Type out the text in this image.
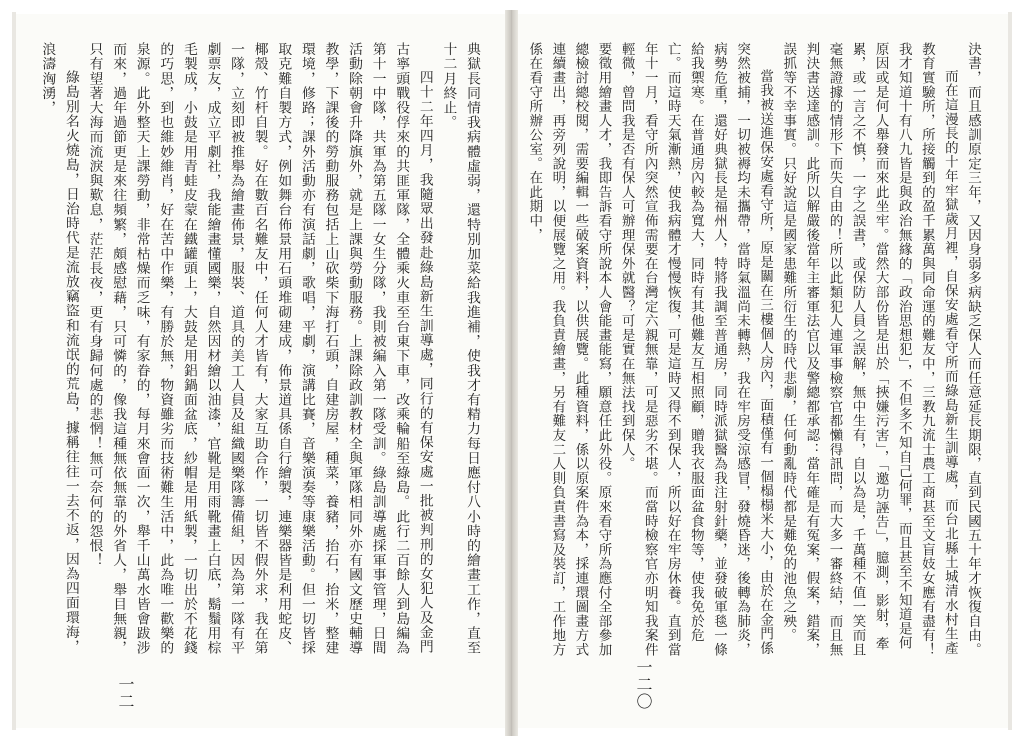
典獄長同情我病體虛弱，還特別加菜給我進補，使我才有精力每日應付八小時的繪畫工作，直至十二月終止。

四十二年四月，我隨眾出發赴綠島新生訓導處，同行的有保安處一批被判刑的女犯人及金門古寧頭戰役俘來的共匪軍隊，全體乘火車至台東下車，改乘輪船至綠島。此行二百餘人到島編為第十一中隊，共軍為第五隊一女生分隊，我則被編入第一隊受訓。綠島訓導處採軍事管理，日間活動除朝會升降旗外，就是上課與勞動服務。上課除政訓教材全與軍隊相同外亦有國文歷史輔導教學，下課後的勞動服務包括上山砍柴下海打石頭，自建房屋，種菜，養豬，抬石，抬米，整建環境，修路；課外活動亦有演話劇，歌唱，平劇，演講比賽，音樂演奏等康樂活動。但一切皆採取克難自製方式，例如舞台佈景用石頭堆砌建成，佈景道具係自行繪製，連樂器皆是利用蛇皮、椰殼、竹杆自製。好在數百名難友中，任何人才皆有，大家互助合作，一切皆不假外求，我在第一隊，立刻即被推舉為繪畫佈景，服裝、道具的美工人員及組織國樂隊籌備組，因為第一隊有平劇票友，成立平劇社，我能繪畫懂國樂，自然因材繪以油漆，官靴是用雨靴畫上白底，鬍鬚用棕毛製成，小鼓是用青蛙皮蒙在鐵罐頭上，大鼓是用鋁鍋面盆底，紗帽是用紙製，一切出於不花錢的巧思，到也維妙維肖，好在苦中作樂，有勝於無，物資雖劣而技術難生活中，此為唯一歡樂的泉源。此外整天上課勞動，非常枯燥而乏味，有家眷的，每月來會面一次，舉千山萬水皆會跋涉而來，過年過節更是來往頻繁，頗感慰藉，只可憐的，像我這種無依無靠的外省人，舉目無親，只有望著大海而流淚與歎息，茫茫長夜，更有身歸何處的悲惘！無可奈何的怨恨！

綠島別名火燒島，日治時代是流放竊盜和流氓的荒島，據稱往往一去不返，因為四面環海，浪濤洶湧，

一二

決書，而且感訓原定三年，又因身弱多病缺乏保人而任意延長期限，直到民國五十年才恢復自由。

而在這漫長的十年牢獄歲月裡，自保安處看守所而綠島新生訓導處，而台北縣土城清水村生產教育實驗所，所接觸到的盈千累萬與同命運的難友中，三教九流士農工商甚至文盲妓女應有盡有！我才知道十有八九皆是與政治無緣的「政治思想犯」，不但多不知自己何罪，而且甚至不知道是何原因或是何人舉發而來此坐牢。當然大部份皆是出於「挾嫌污害」，「邀功誣告」，臆測，影射，牽累，或一言之不慎，一字之誤書，或保防人員之誤解，無中生有，自以為是，千萬種不值一笑而且毫無證據的情形下而失自由的！所以此類犯人連軍事檢察官都懶得訊問，而大多一審終結，而且無判決書送達感訓。此所以解嚴後當年主審軍法官以及警總都承認：當年確是有冤案，假案，錯案，誤抓等不幸事實。只好說這是國家患難所衍生的時代悲劇，任何動亂時代都是難免的池魚之殃。

當我被送進保安處看守所，原是關在三樓個人房內，面積僅有一個榻榻米大小，由於在金門係突然被捕，一切被褥均未攜帶，當時氣溫尚未轉熱，我在牢房受涼感冒，發燒昏迷，後轉為肺炎，病勢危重，還好典獄長是福州人，特將我調至普通房，同時派獄醫為我注射針藥，並發破軍毯一條給我禦寒。在普通房內較為寬大，同時有其他難友互相照顧，贈我衣服面盆食物等，使我免於危亡。而這時天氣漸熱，使我病體才慢慢恢復，可是這時又得不到保人，所以好在牢房休養。直到當年十一月，看守所內突然宣佈需要在台灣定六親無靠，可是惡劣不堪。而當時檢察官亦明知我案件輕微，曾問我是否有保人可辦理保外就醫？可是實在無法找到保人。

要徵用繪畫人才，我即告訴看守所說本人會能畫能寫，願意任此外役。原來看守所為應付全部參加總檢討總校閱，需要編輯一些破案資料，以供展覽。此種資料，係以原案件為本，採連環圖畫方式連續畫出，再旁列說明，以便展覽之用。我負責繪畫，另有難友二人則負責書寫及裝訂，工作地方係在看守所辦公室。在此期中，

一二〇
